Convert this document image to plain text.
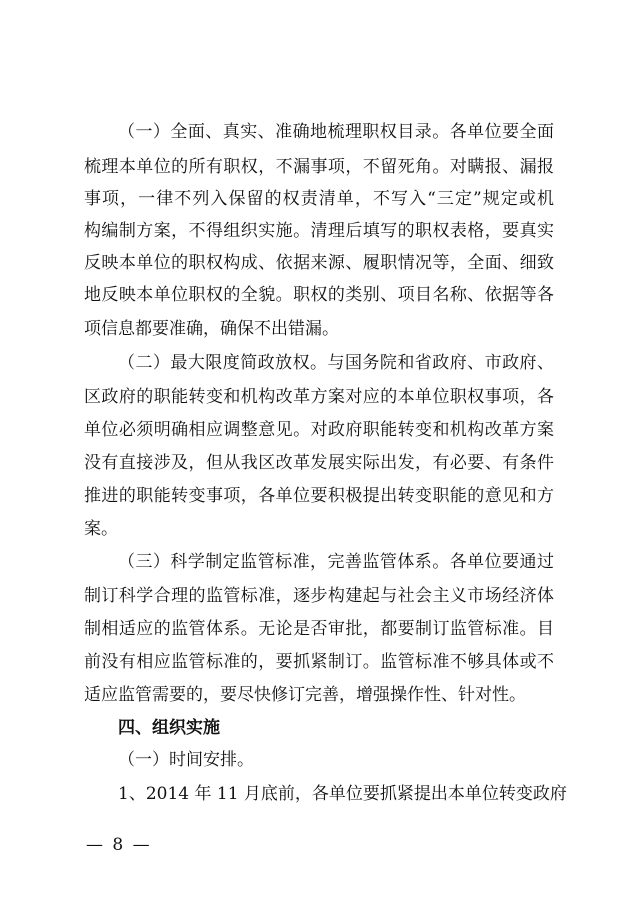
（一）全面、真实、准确地梳理职权目录。各单位要全面
梳理本单位的所有职权，不漏事项，不留死角。对瞒报、漏报
事项，一律不列入保留的权责清单，不写入“三定”规定或机
构编制方案，不得组织实施。清理后填写的职权表格，要真实
反映本单位的职权构成、依据来源、履职情况等，全面、细致
地反映本单位职权的全貌。职权的类别、项目名称、依据等各
项信息都要准确，确保不出错漏。
（二）最大限度简政放权。与国务院和省政府、市政府、
区政府的职能转变和机构改革方案对应的本单位职权事项，各
单位必须明确相应调整意见。对政府职能转变和机构改革方案
没有直接涉及，但从我区改革发展实际出发，有必要、有条件
推进的职能转变事项，各单位要积极提出转变职能的意见和方
案。
（三）科学制定监管标准，完善监管体系。各单位要通过
制订科学合理的监管标准，逐步构建起与社会主义市场经济体
制相适应的监管体系。无论是否审批，都要制订监管标准。目
前没有相应监管标准的，要抓紧制订。监管标准不够具体或不
适应监管需要的，要尽快修订完善，增强操作性、针对性。
四、组织实施
（一）时间安排。
1、2014 年 11 月底前，各单位要抓紧提出本单位转变政府
— 8 —
